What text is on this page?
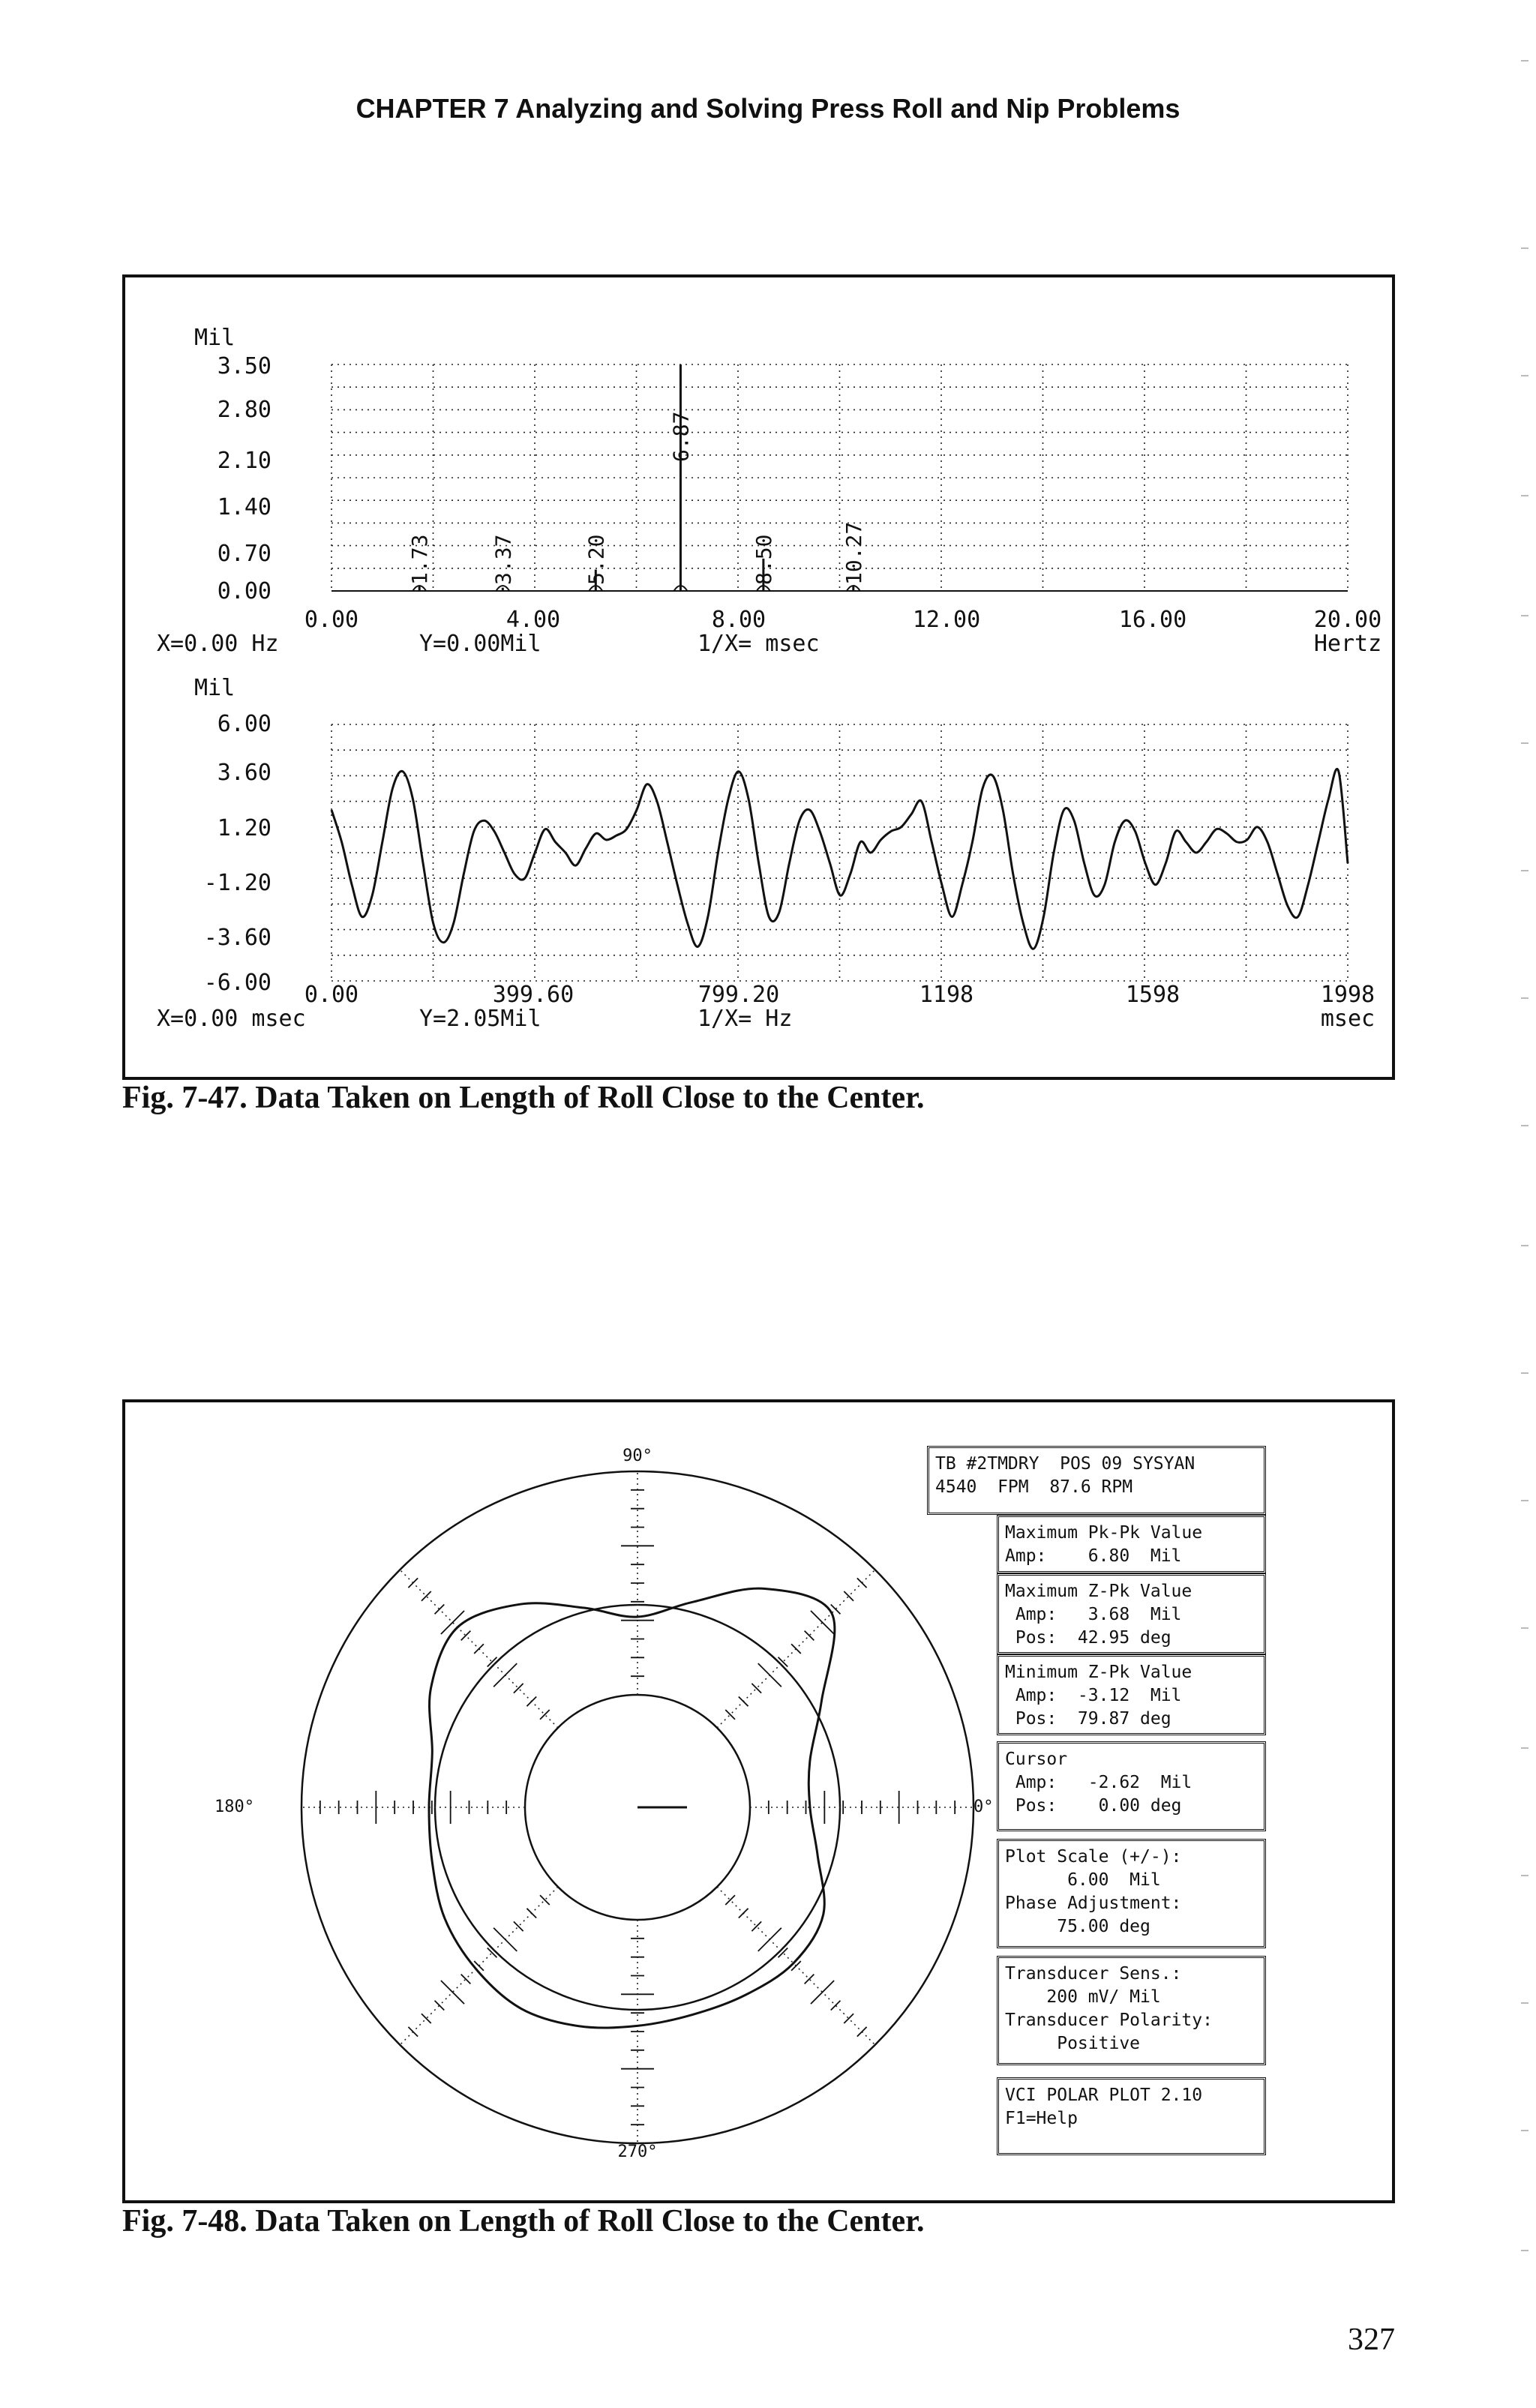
CHAPTER 7 Analyzing and Solving Press Roll and Nip Problems
1.73	3.37	5.20
6.87
8.50	10.27
Mil
3.50
2.80
2.10
1.40
0.70
0.00
0.00	4.00	8.00	12.00	16.00	20.00
X=0.00 Hz	Y=0.00Mil	1/X= msec	Hertz
Mil
6.00
3.60
1.20
-1.20
-3.60
-6.00 0.00	399.60	799.20	1198	1598	1998
X=0.00 msec	Y=2.05Mil	1/X= Hz	msec
Fig. 7-47. Data Taken on Length of Roll Close to the Center.
90°
180°	0°
270°
TB #2TMDRY  POS 09 SYSYAN
4540  FPM  87.6 RPM
Maximum Pk-Pk Value
Amp:    6.80  Mil
Maximum Z-Pk Value
Amp:   3.68  Mil
Pos:  42.95 deg
Minimum Z-Pk Value
Amp:  -3.12  Mil
Pos:  79.87 deg
Cursor
Amp:   -2.62  Mil
Pos:    0.00 deg
Plot Scale (+/-):
6.00  Mil
Phase Adjustment:
75.00 deg
Transducer Sens.:
200 mV/ Mil
Transducer Polarity:
Positive
VCI POLAR PLOT 2.10
F1=Help
Fig. 7-48. Data Taken on Length of Roll Close to the Center.
327
